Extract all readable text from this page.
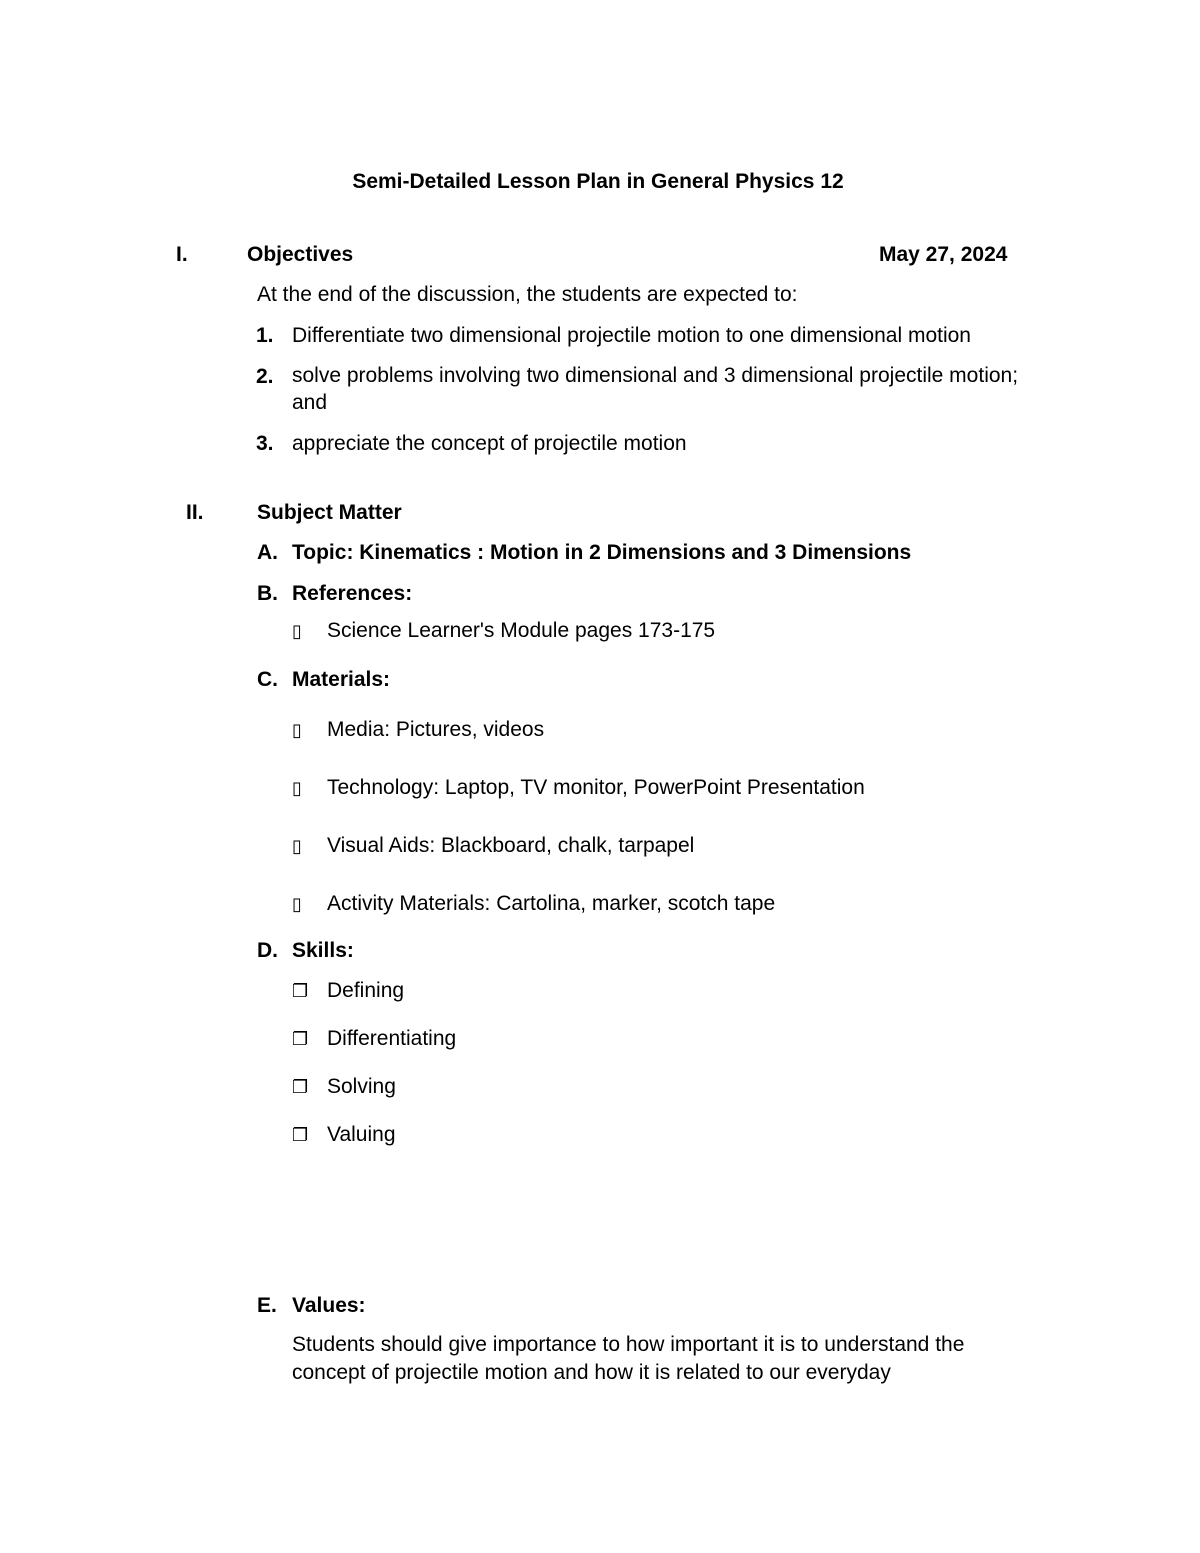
Semi-Detailed Lesson Plan in General Physics 12
I.	Objectives	May 27, 2024
At the end of the discussion, the students are expected to:
1. Differentiate two dimensional projectile motion to one dimensional motion
2. solve problems involving two dimensional and 3 dimensional projectile motion; and
3. appreciate the concept of projectile motion
II.	Subject Matter
A. Topic: Kinematics : Motion in 2 Dimensions and 3 Dimensions
B. References:
▯ Science Learner's Module pages 173-175
C. Materials:
▯ Media: Pictures, videos
▯ Technology: Laptop, TV monitor, PowerPoint Presentation
▯ Visual Aids: Blackboard, chalk, tarpapel
▯ Activity Materials: Cartolina, marker, scotch tape
D. Skills:
❐ Defining
❐ Differentiating
❐ Solving
❐ Valuing
E. Values:
Students should give importance to how important it is to understand the concept of projectile motion and how it is related to our everyday
